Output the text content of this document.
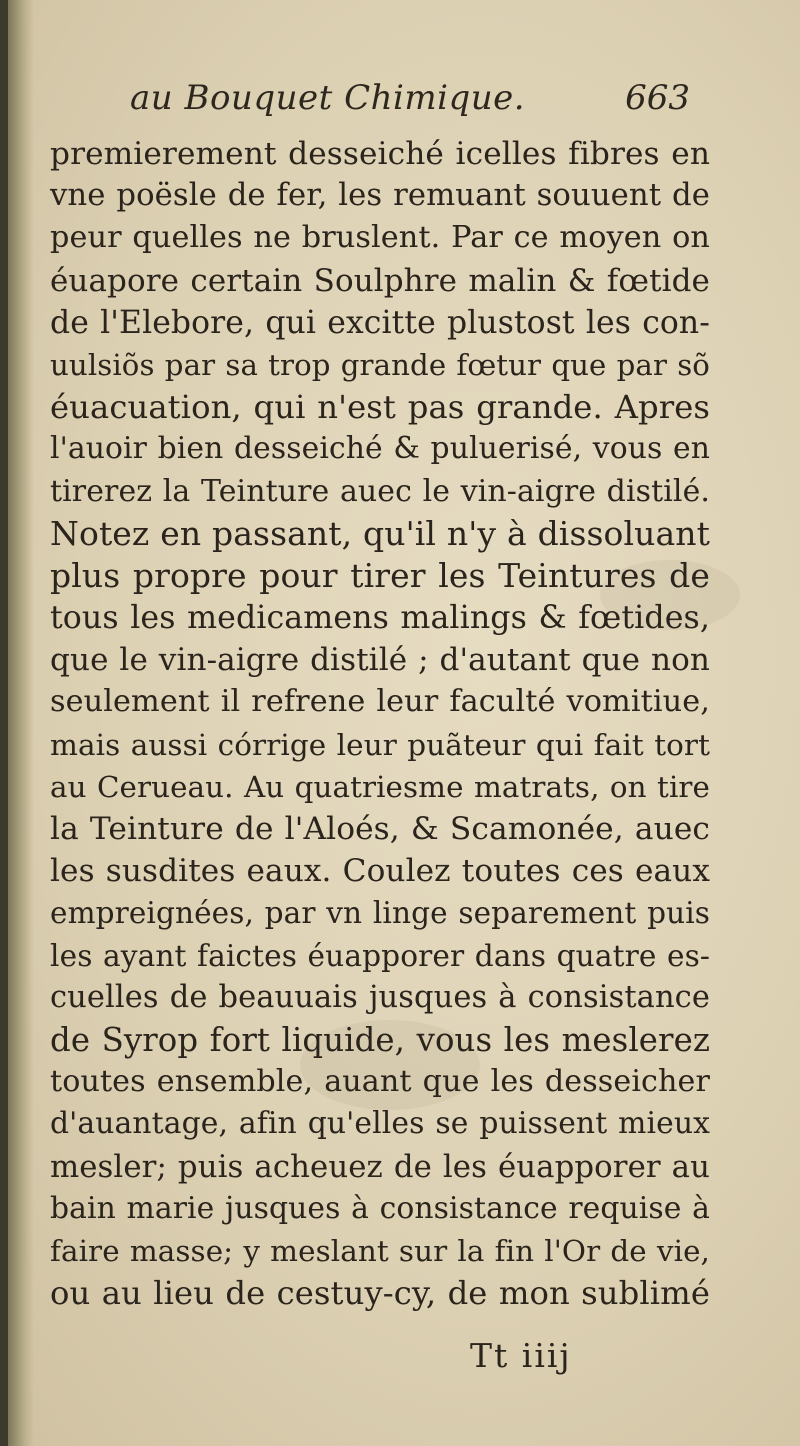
au Bouquet Chimique.	663
premierement desseiché icelles fibres en
vne poësle de fer, les remuant souuent de
peur quelles ne bruslent. Par ce moyen on
éuapore certain Soulphre malin & fœtide
de l'Elebore, qui excitte plustost les con-
uulsiõs par sa trop grande fœtur que par sõ
éuacuation, qui n'est pas grande. Apres
l'auoir bien desseiché & puluerisé, vous en
tirerez la Teinture auec le vin-aigre distilé.
Notez en passant, qu'il n'y à dissoluant
plus propre pour tirer les Teintures de
tous les medicamens malings & fœtides,
que le vin-aigre distilé ; d'autant que non
seulement il refrene leur faculté vomitiue,
mais aussi córrige leur puãteur qui fait tort
au Cerueau. Au quatriesme matrats, on tire
la Teinture de l'Aloés, & Scamonée, auec
les susdites eaux. Coulez toutes ces eaux
empreignées, par vn linge separement puis
les ayant faictes éuapporer dans quatre es-
cuelles de beauuais jusques à consistance
de Syrop fort liquide, vous les meslerez
toutes ensemble, auant que les desseicher
d'auantage, afin qu'elles se puissent mieux
mesler; puis acheuez de les éuapporer au
bain marie jusques à consistance requise à
faire masse; y meslant sur la fin l'Or de vie,
ou au lieu de cestuy-cy, de mon sublimé
Tt iiij
